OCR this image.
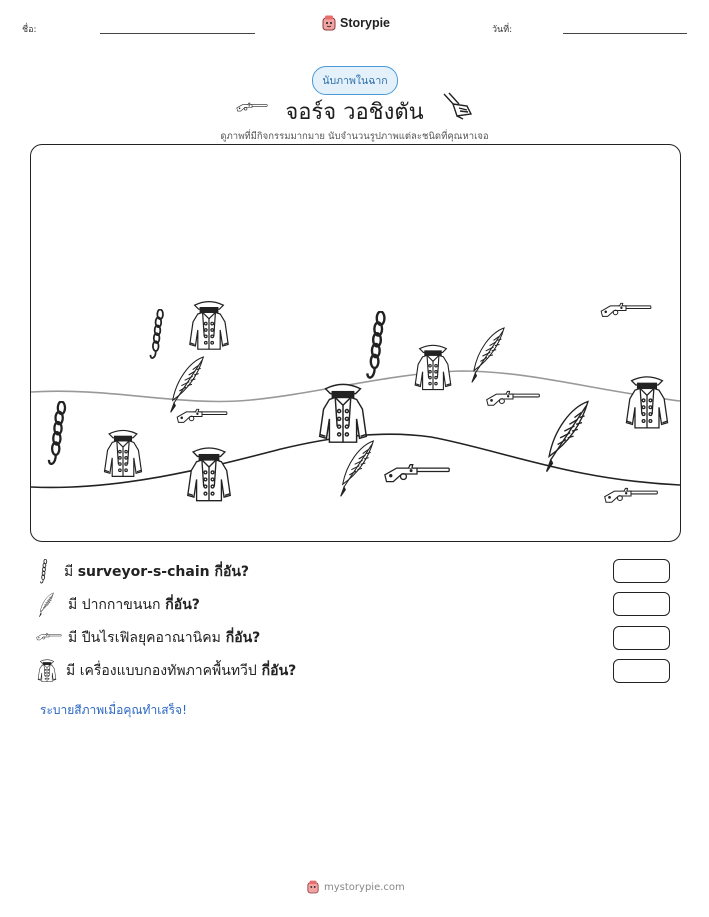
ชื่อ:	Storypie	วันที่:
นับภาพในฉาก
จอร์จ วอชิงตัน
ดูภาพที่มีกิจกรรมมากมาย นับจำนวนรูปภาพแต่ละชนิดที่คุณหาเจอ
มี surveyor-s-chain กี่อัน?
มี ปากกาขนนก กี่อัน?
มี ปืนไรเฟิลยุคอาณานิคม กี่อัน?
มี เครื่องแบบกองทัพภาคพื้นทวีป กี่อัน?
ระบายสีภาพเมื่อคุณทำเสร็จ!
mystorypie.com
